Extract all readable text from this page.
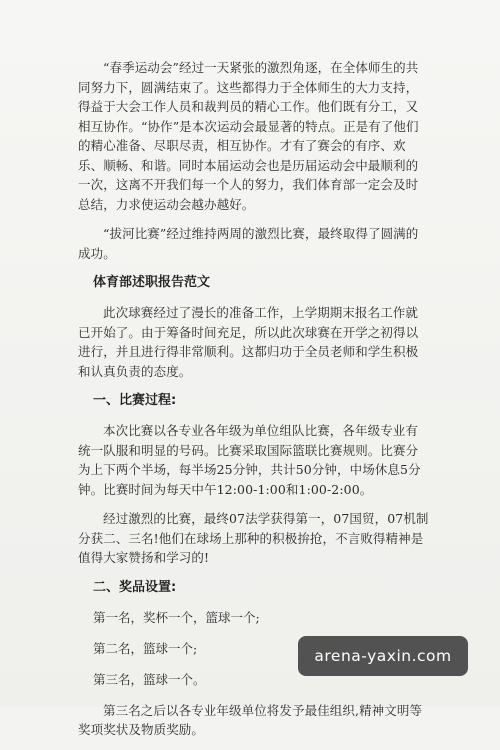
“春季运动会”经过一天紧张的激烈角逐，在全体师生的共同努力下，圆满结束了。这些都得力于全体师生的大力支持，得益于大会工作人员和裁判员的精心工作。他们既有分工，又相互协作。“协作”是本次运动会最显著的特点。正是有了他们的精心准备、尽职尽责，相互协作。才有了赛会的有序、欢乐、顺畅、和谐。同时本届运动会也是历届运动会中最顺利的一次，这离不开我们每一个人的努力，我们体育部一定会及时总结，力求使运动会越办越好。

“拔河比赛”经过维持两周的激烈比赛，最终取得了圆满的成功。

体育部述职报告范文

此次球赛经过了漫长的准备工作，上学期期末报名工作就已开始了。由于筹备时间充足，所以此次球赛在开学之初得以进行，并且进行得非常顺利。这都归功于全员老师和学生积极和认真负责的态度。

一、比赛过程:

本次比赛以各专业各年级为单位组队比赛，各年级专业有统一队服和明显的号码。比赛采取国际篮联比赛规则。比赛分为上下两个半场，每半场25分钟，共计50分钟，中场休息5分钟。比赛时间为每天中午12:00-1:00和1:00-2:00。

经过激烈的比赛，最终07法学获得第一，07国贸，07机制分获二、三名!他们在球场上那种的积极拚抢，不言败得精神是值得大家赞扬和学习的!

二、奖品设置:
第一名，奖杯一个，篮球一个;
第二名，篮球一个;
第三名，篮球一个。

第三名之后以各专业年级单位将发予最佳组织,精神文明等奖项奖状及物质奖励。

arena-yaxin.com
